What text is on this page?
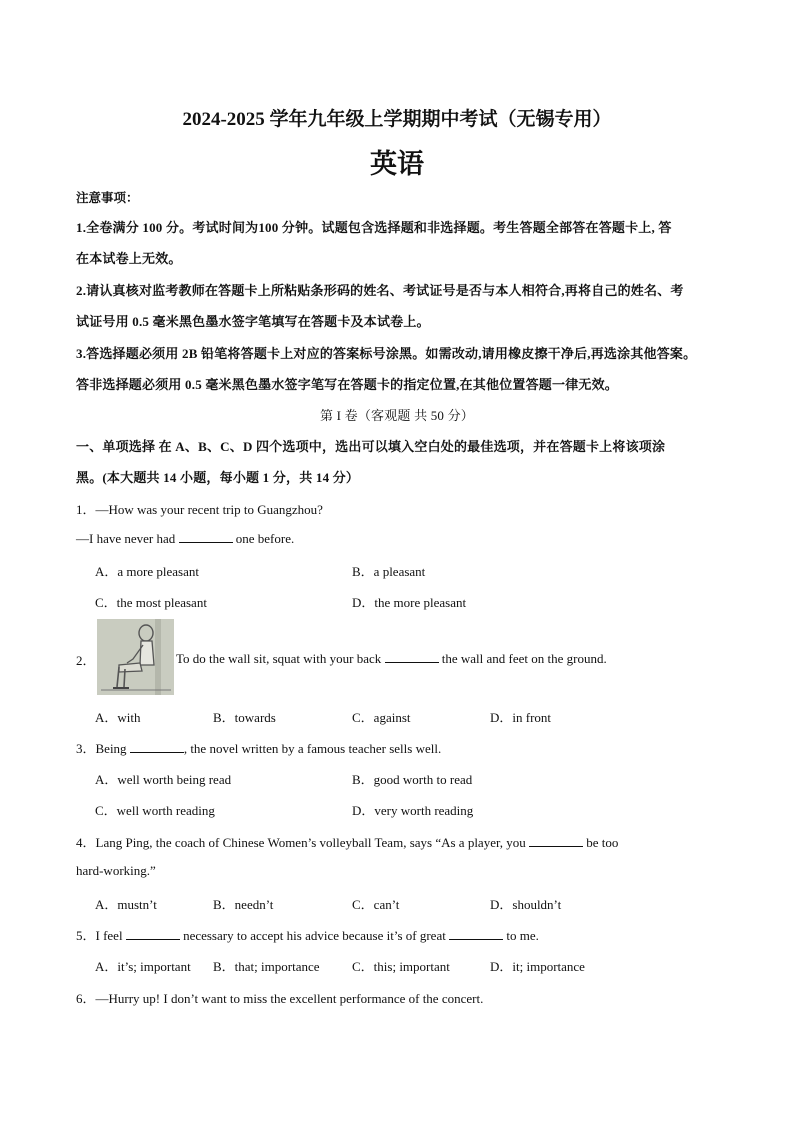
2024-2025 学年九年级上学期期中考试（无锡专用）
英语
注意事项：
1.全卷满分 100 分。考试时间为100 分钟。试题包含选择题和非选择题。考生答题全部答在答题卡上, 答
在本试卷上无效。
2.请认真核对监考教师在答题卡上所粘贴条形码的姓名、考试证号是否与本人相符合,再将自己的姓名、考
试证号用 0.5 毫米黑色墨水签字笔填写在答题卡及本试卷上。
3.答选择题必须用 2B 铅笔将答题卡上对应的答案标号涂黑。如需改动,请用橡皮擦干净后,再选涂其他答案。
答非选择题必须用 0.5 毫米黑色墨水签字笔写在答题卡的指定位置,在其他位置答题一律无效。
第 I 卷（客观题 共 50 分）
一、单项选择 在 A、B、C、D 四个选项中，选出可以填入空白处的最佳选项，并在答题卡上将该项涂
黑。(本大题共 14 小题，每小题 1 分，共 14 分）
1．—How was your recent trip to Guangzhou?
—I have never had	one before.
A．a more pleasant	B．a pleasant
C．the most pleasant	D．the more pleasant
2．	To do the wall sit, squat with your back	the wall and feet on the ground.
A．with	B．towards	C．against	D．in front
3．Being	, the novel written by a famous teacher sells well.
A．well worth being read	B．good worth to read
C．well worth reading	D．very worth reading
4．Lang Ping, the coach of Chinese Women’s volleyball Team, says “As a player, you	be too
hard-working.”
A．mustn’t	B．needn’t	C．can’t	D．shouldn’t
5．I feel	necessary to accept his advice because it’s of great	to me.
A．it’s; important B．that; importance C．this; important	D．it; importance
6．—Hurry up! I don’t want to miss the excellent performance of the concert.
